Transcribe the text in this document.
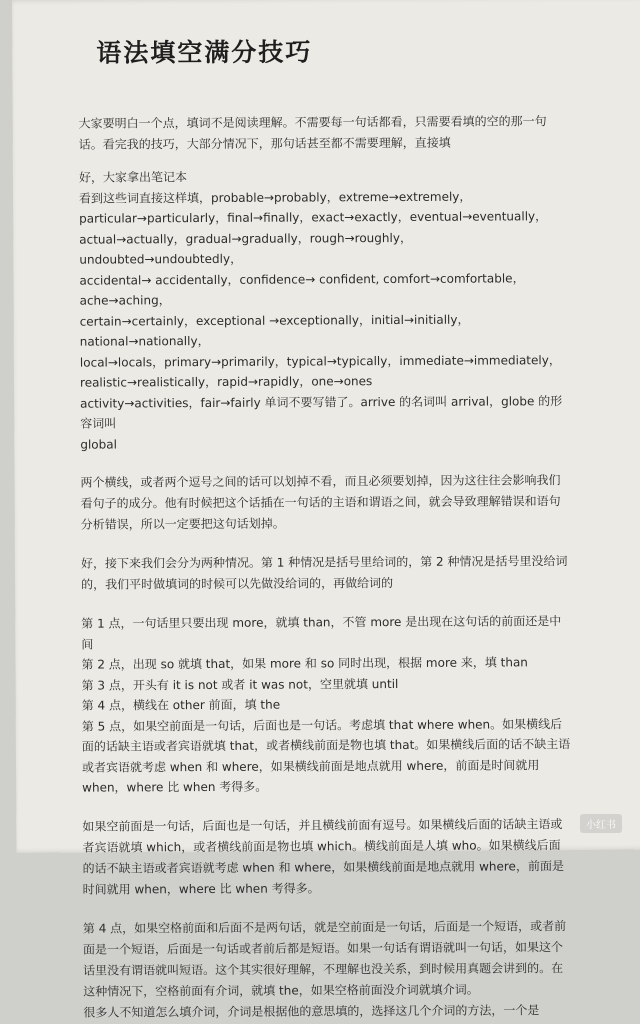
语法填空满分技巧

大家要明白一个点，填词不是阅读理解。不需要每一句话都看，只需要看填的空的那一句话。看完我的技巧，大部分情况下，那句话甚至都不需要理解，直接填

好，大家拿出笔记本

看到这些词直接这样填，probable→probably，extreme→extremely，

particular→particularly，final→finally，exact→exactly，eventual→eventually，

actual→actually，gradual→gradually，rough→roughly，undoubted→undoubtedly，

accidental→ accidentally，confidence→ confident, comfort→comfortable，ache→aching，

certain→certainly，exceptional →exceptionally，initial→initially，national→nationally，

local→locals，primary→primarily，typical→typically，immediate→immediately，

realistic→realistically，rapid→rapidly，one→ones

activity→activities，fair→fairly 单词不要写错了。arrive 的名词叫 arrival，globe 的形容词叫

global

两个横线，或者两个逗号之间的话可以划掉不看，而且必须要划掉，因为这往往会影响我们看句子的成分。他有时候把这个话插在一句话的主语和谓语之间，就会导致理解错误和语句分析错误，所以一定要把这句话划掉。

好，接下来我们会分为两种情况。第 1 种情况是括号里给词的，第 2 种情况是括号里没给词的，我们平时做填词的时候可以先做没给词的，再做给词的

第 1 点，一句话里只要出现 more，就填 than，不管 more 是出现在这句话的前面还是中间

第 2 点，出现 so 就填 that，如果 more 和 so 同时出现，根据 more 来，填 than

第 3 点，开头有 it is not 或者 it was not，空里就填 until

第 4 点，横线在 other 前面，填 the

第 5 点，如果空前面是一句话，后面也是一句话。考虑填 that where when。如果横线后面的话缺主语或者宾语就填 that，或者横线前面是物也填 that。如果横线后面的话不缺主语或者宾语就考虑 when 和 where，如果横线前面是地点就用 where，前面是时间就用 when，where 比 when 考得多。

如果空前面是一句话，后面也是一句话，并且横线前面有逗号。如果横线后面的话缺主语或者宾语就填 which，或者横线前面是物也填 which。横线前面是人填 who。如果横线后面的话不缺主语或者宾语就考虑 when 和 where，如果横线前面是地点就用 where，前面是时间就用 when，where 比 when 考得多。

第 4 点，如果空格前面和后面不是两句话，就是空前面是一句话，后面是一个短语，或者前面是一个短语，后面是一句话或者前后都是短语。如果一句话有谓语就叫一句话，如果这个话里没有谓语就叫短语。这个其实很好理解，不理解也没关系，到时候用真题会讲到的。在这种情况下，空格前面有介词，就填 the，如果空格前面没介词就填介词。

很多人不知道怎么填介词，介词是根据他的意思填的，选择这几个介词的方法，一个是

小红书
